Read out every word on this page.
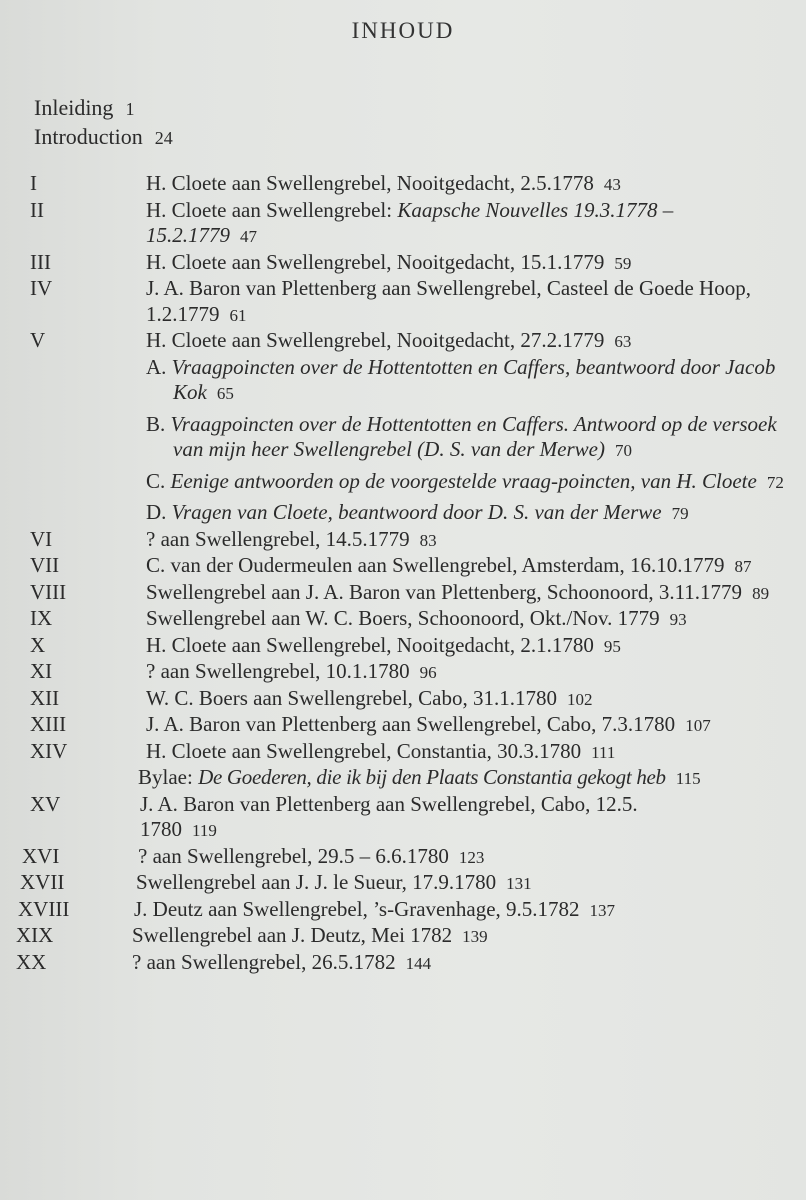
INHOUD
Inleiding 1
Introduction 24
I	H. Cloete aan Swellengrebel, Nooitgedacht, 2.5.1778 43
II	H. Cloete aan Swellengrebel: Kaapsche Nouvelles 19.3.1778 – 15.2.1779 47
III	H. Cloete aan Swellengrebel, Nooitgedacht, 15.1.1779 59
IV	J. A. Baron van Plettenberg aan Swellengrebel, Casteel de Goede Hoop, 1.2.1779 61
V	H. Cloete aan Swellengrebel, Nooitgedacht, 27.2.1779 63
A. Vraagpoincten over de Hottentotten en Caffers, beantwoord door Jacob Kok 65
B. Vraagpoincten over de Hottentotten en Caffers. Antwoord op de versoek van mijn heer Swellengrebel (D. S. van der Merwe) 70
C. Eenige antwoorden op de voorgestelde vraag-poincten, van H. Cloete 72
D. Vragen van Cloete, beantwoord door D. S. van der Merwe 79
VI	? aan Swellengrebel, 14.5.1779 83
VII	C. van der Oudermeulen aan Swellengrebel, Amsterdam, 16.10.1779 87
VIII	Swellengrebel aan J. A. Baron van Plettenberg, Schoonoord, 3.11.1779 89
IX	Swellengrebel aan W. C. Boers, Schoonoord, Okt./Nov. 1779 93
X	H. Cloete aan Swellengrebel, Nooitgedacht, 2.1.1780 95
XI	? aan Swellengrebel, 10.1.1780 96
XII	W. C. Boers aan Swellengrebel, Cabo, 31.1.1780 102
XIII	J. A. Baron van Plettenberg aan Swellengrebel, Cabo, 7.3.1780 107
XIV	H. Cloete aan Swellengrebel, Constantia, 30.3.1780 111
Bylae: De Goederen, die ik bij den Plaats Constantia gekogt heb 115
XV	J. A. Baron van Plettenberg aan Swellengrebel, Cabo, 12.5. 1780 119
XVI	? aan Swellengrebel, 29.5 – 6.6.1780 123
XVII	Swellengrebel aan J. J. le Sueur, 17.9.1780 131
XVIII	J. Deutz aan Swellengrebel, ’s-Gravenhage, 9.5.1782 137
XIX	Swellengrebel aan J. Deutz, Mei 1782 139
XX	? aan Swellengrebel, 26.5.1782 144
